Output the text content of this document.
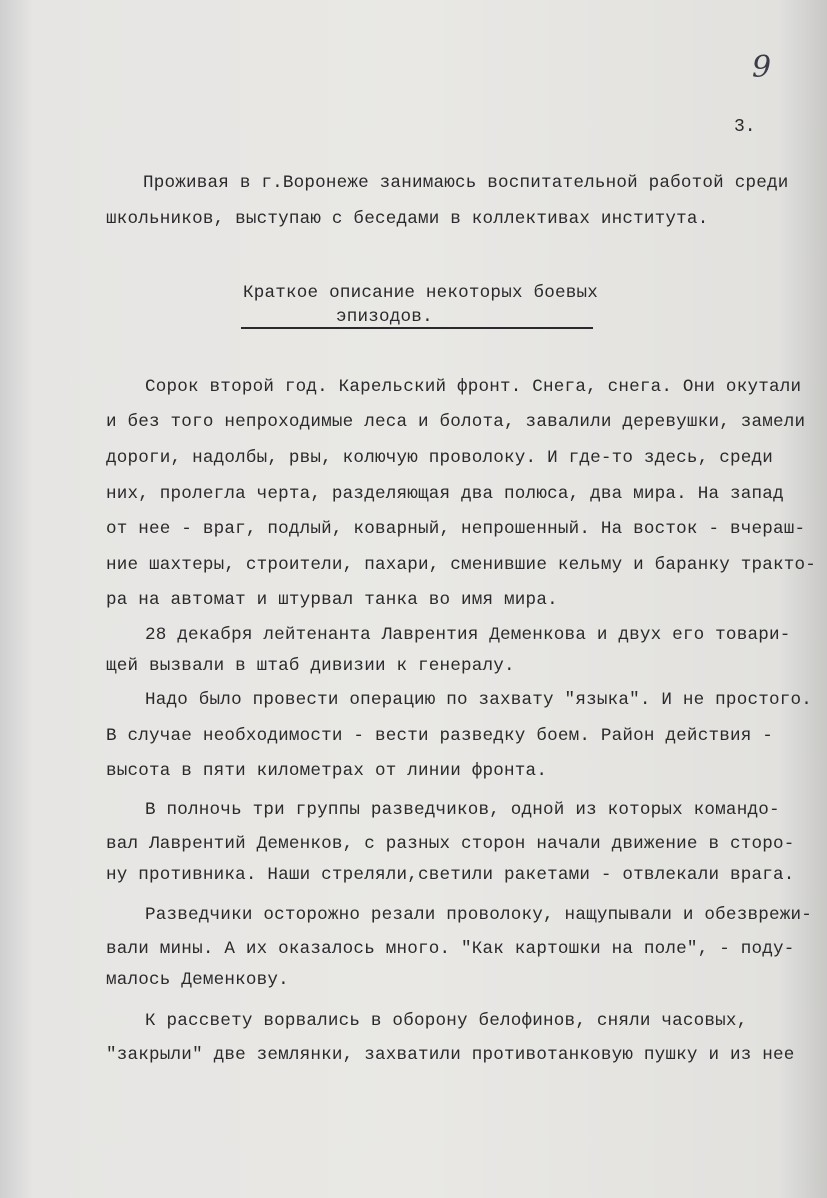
9
3.
Проживая в г.Воронеже занимаюсь воспитательной работой среди
школьников, выступаю с беседами в коллективах института.
Краткое описание некоторых боевых
эпизодов.
Сорок второй год. Карельский фронт. Снега, снега. Они окутали
и без того непроходимые леса и болота, завалили деревушки, замели
дороги, надолбы, рвы, колючую проволоку. И где-то здесь, среди
них, пролегла черта, разделяющая два полюса, два мира. На запад
от нее - враг, подлый, коварный, непрошенный. На восток - вчераш-
ние шахтеры, строители, пахари, сменившие кельму и баранку тракто-
ра на автомат и штурвал танка во имя мира.
28 декабря лейтенанта Лаврентия Деменкова и двух его товари-
щей вызвали в штаб дивизии к генералу.
Надо было провести операцию по захвату "языка". И не простого.
В случае необходимости - вести разведку боем. Район действия -
высота в пяти километрах от линии фронта.
В полночь три группы разведчиков, одной из которых командо-
вал Лаврентий Деменков, с разных сторон начали движение в сторо-
ну противника. Наши стреляли,светили ракетами - отвлекали врага.
Разведчики осторожно резали проволоку, нащупывали и обезврежи-
вали мины. А их оказалось много. "Как картошки на поле", - поду-
малось Деменкову.
К рассвету ворвались в оборону белофинов, сняли часовых,
"закрыли" две землянки, захватили противотанковую пушку и из нее
